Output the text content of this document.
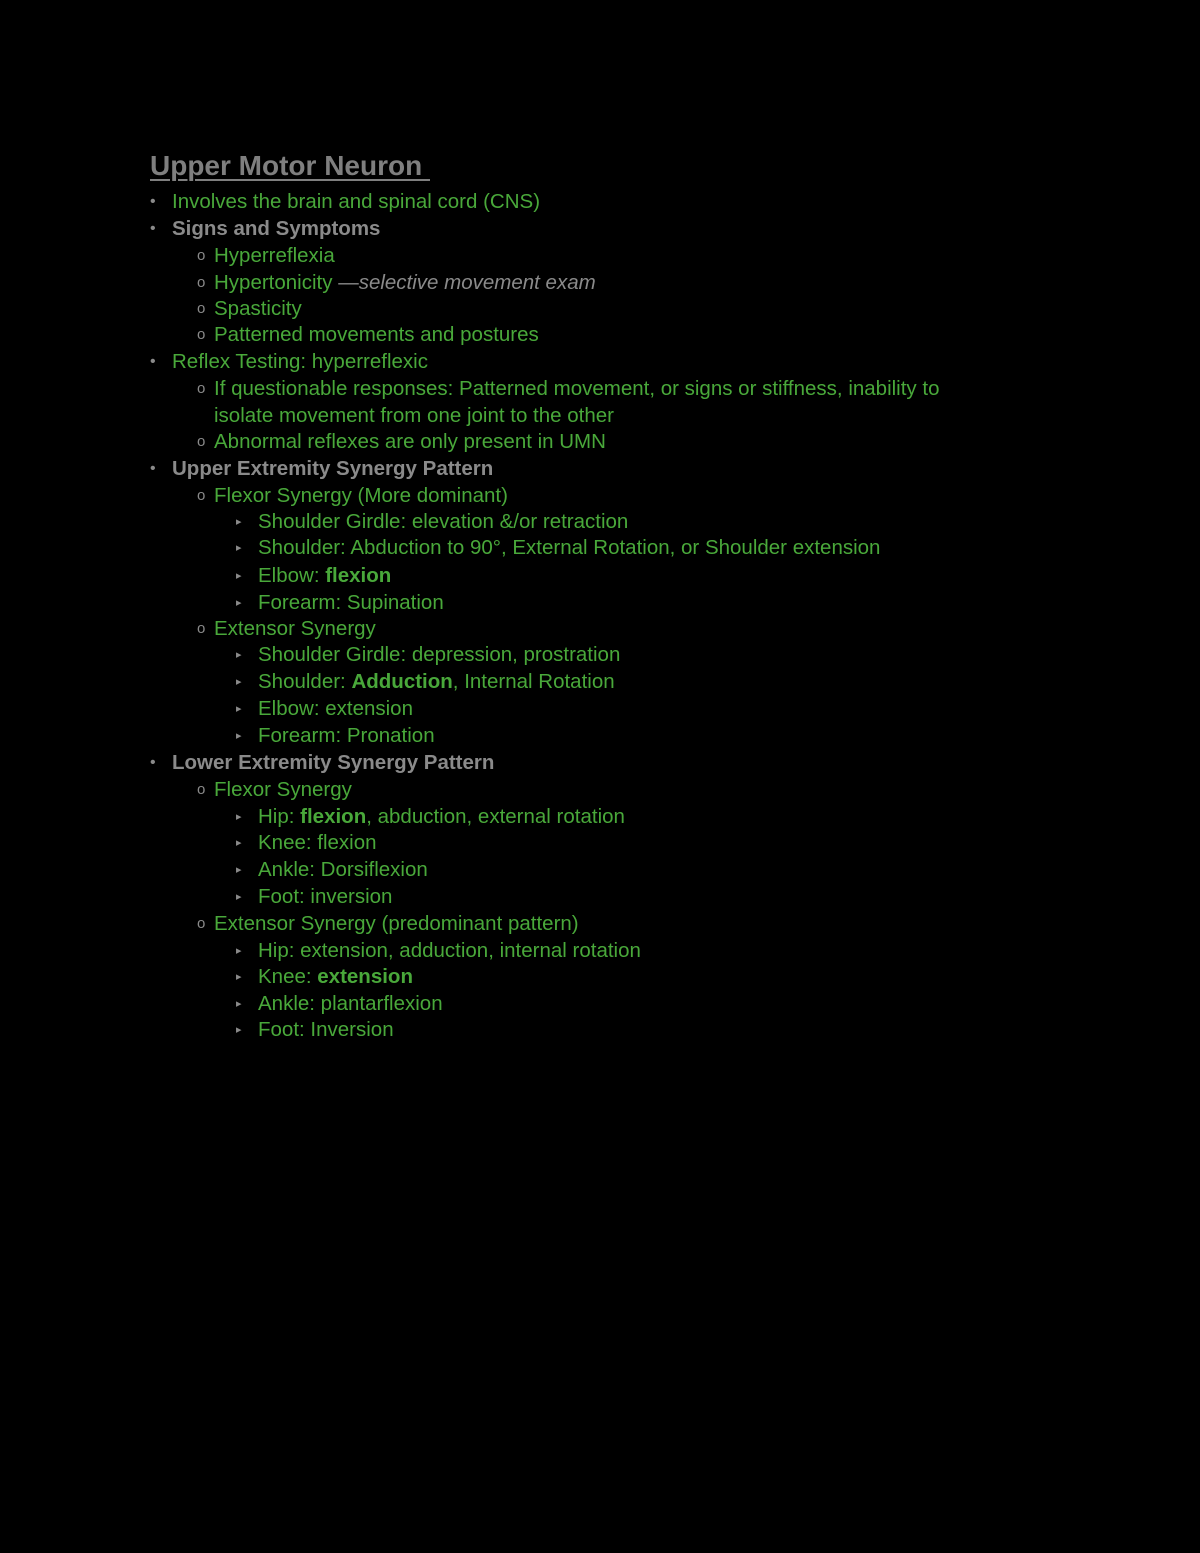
Upper Motor Neuron
• Involves the brain and spinal cord (CNS)
• Signs and Symptoms
o Hyperreflexia
o Hypertonicity —selective movement exam
o Spasticity
o Patterned movements and postures
• Reflex Testing: hyperreflexic
o If questionable responses: Patterned movement, or signs or stiffness, inability to
isolate movement from one joint to the other
o Abnormal reflexes are only present in UMN
• Upper Extremity Synergy Pattern
o Flexor Synergy (More dominant)
▸ Shoulder Girdle: elevation &/or retraction
▸ Shoulder: Abduction to 90°, External Rotation, or Shoulder extension
▸ Elbow: flexion
▸ Forearm: Supination
o Extensor Synergy
▸ Shoulder Girdle: depression, prostration
▸ Shoulder: Adduction, Internal Rotation
▸ Elbow: extension
▸ Forearm: Pronation
• Lower Extremity Synergy Pattern
o Flexor Synergy
▸ Hip: flexion, abduction, external rotation
▸ Knee: flexion
▸ Ankle: Dorsiflexion
▸ Foot: inversion
o Extensor Synergy (predominant pattern)
▸ Hip: extension, adduction, internal rotation
▸ Knee: extension
▸ Ankle: plantarflexion
▸ Foot: Inversion
